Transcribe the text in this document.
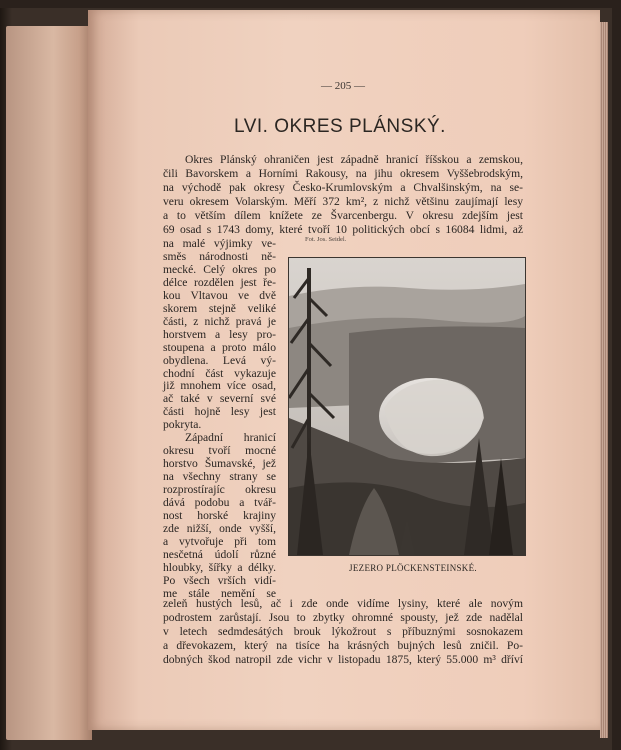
— 205 —
LVI. OKRES PLÁNSKÝ.
Okres Plánský ohraničen jest západně hranicí říšskou a zemskou,
čili Bavorskem a Horními Rakousy, na jihu okresem Vyššebrodským,
na východě pak okresy Česko-Krumlovským a Chvalšinským, na se-
veru okresem Volarským. Měří 372 km², z nichž většinu zaujímají lesy
a to větším dílem knížete ze Švarcenbergu. V okresu zdejším jest
69 osad s 1743 domy, které tvoří 10 politických obcí s 16084 lidmi, až
Fot. Jos. Seidel.
na malé výjimky ve-
směs národnosti ně-
mecké. Celý okres po
délce rozdělen jest ře-
kou Vltavou ve dvě
skorem stejně veliké
části, z nichž pravá je
horstvem a lesy pro-
stoupena a proto málo
obydlena. Levá vý-
chodní část vykazuje
již mnohem více osad,
ač také v severní své
části hojně lesy jest
pokryta.
Západní hranicí
okresu tvoří mocné
horstvo Šumavské, jež
na všechny strany se
rozprostírajíc okresu
dává podobu a tvář-
nost horské krajiny
zde nižší, onde vyšší,
a vytvořuje při tom
nesčetná údolí různé
hloubky, šířky a délky.
Po všech vrších vidí-
me stále nemění se
JEZERO PLÖCKENSTEINSKÉ.
zeleň hustých lesů, ač i zde onde vidíme lysiny, které ale novým
podrostem zarůstají. Jsou to zbytky ohromné spousty, jež zde nadělal
v letech sedmdesátých brouk lýkožrout s příbuznými sosnokazem
a dřevokazem, který na tisíce ha krásných bujných lesů zničil. Po-
dobných škod natropil zde vichr v listopadu 1875, který 55.000 m³ dříví
